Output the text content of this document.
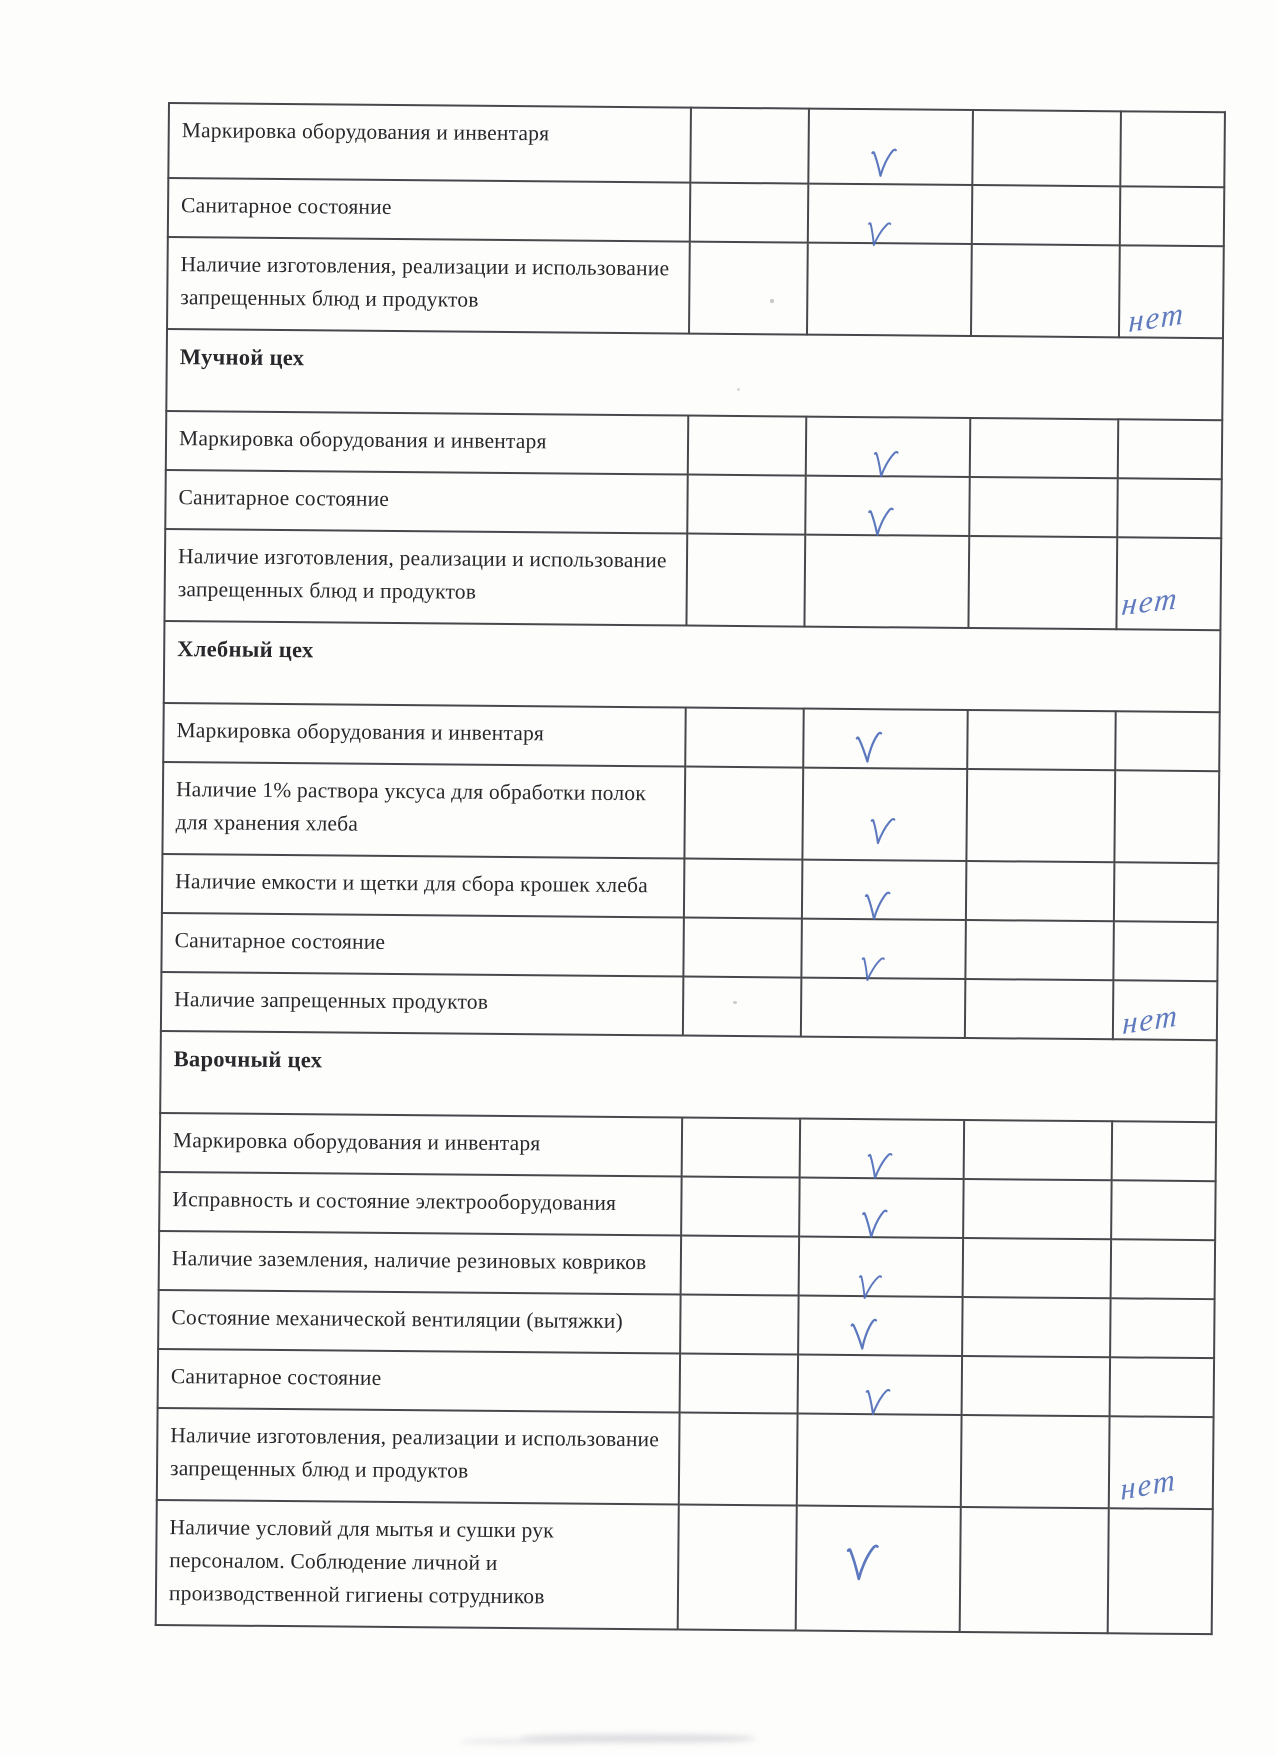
Маркировка оборудования и инвентаря		

Санитарное состояние		

Наличие изготовления, реализации и использование запрещенных блюд и продуктов				нет

Мучной цех				
Маркировка оборудования и инвентаря		

Санитарное состояние		

Наличие изготовления, реализации и использование запрещенных блюд и продуктов				нет

Хлебный цех				
Маркировка оборудования и инвентаря		

Наличие 1% раствора уксуса для обработки полок для хранения хлеба		

Наличие емкости и щетки для сбора крошек хлеба		

Санитарное состояние		

Наличие запрещенных продуктов				нет

Варочный цех				
Маркировка оборудования и инвентаря		

Исправность и состояние электрооборудования		

Наличие заземления, наличие резиновых ковриков		

Состояние механической вентиляции (вытяжки)		

Санитарное состояние		

Наличие изготовления, реализации и использование запрещенных блюд и продуктов				нет

Наличие условий для мытья и сушки рук персоналом. Соблюдение личной и производственной гигиены сотрудников		
